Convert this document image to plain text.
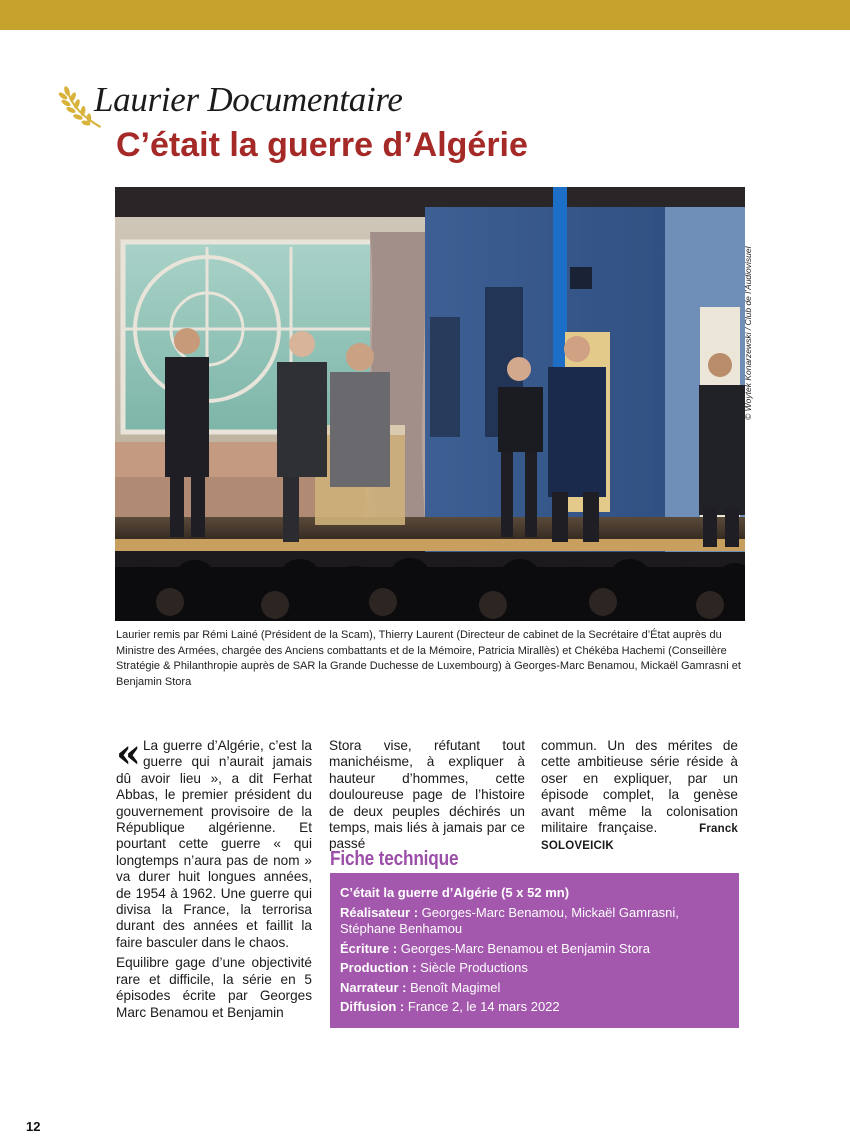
Laurier Documentaire
C’était la guerre d’Algérie
© Woytek Konarzewski / Club de l’Audiovisuel

Laurier remis par Rémi Lainé (Président de la Scam), Thierry Laurent (Directeur de cabinet de la Secrétaire d’État auprès du Ministre des Armées, chargée des Anciens combattants et de la Mémoire, Patricia Mirallès) et Chékéba Hachemi (Conseillère Stratégie & Philanthropie auprès de SAR la Grande Duchesse de Luxembourg) à Georges-Marc Benamou, Mickaël Gamrasni et Benjamin Stora

« La guerre d’Algérie, c’est la guerre qui n’aurait jamais dû avoir lieu », a dit Ferhat Abbas, le premier président du gouvernement provisoire de la République algérienne. Et pourtant cette guerre « qui longtemps n’aura pas de nom » va durer huit longues années, de 1954 à 1962. Une guerre qui divisa la France, la terrorisa durant des années et faillit la faire basculer dans le chaos.

Equilibre gage d’une objectivité rare et difficile, la série en 5 épisodes écrite par Georges Marc Benamou et Benjamin

Stora vise, réfutant tout manichéisme, à expliquer à hauteur d’hommes, cette douloureuse page de l’histoire de deux peuples déchirés un temps, mais liés à jamais par ce passé

commun. Un des mérites de cette ambitieuse série réside à oser en expliquer, par un épisode complet, la genèse avant même la colonisation militaire française.	Franck SOLOVEICIK

Fiche technique
C’était la guerre d’Algérie (5 x 52 mn)
Réalisateur : Georges-Marc Benamou, Mickaël Gamrasni, Stéphane Benhamou
Écriture : Georges-Marc Benamou et Benjamin Stora
Production : Siècle Productions
Narrateur : Benoît Magimel
Diffusion : France 2, le 14 mars 2022
12
